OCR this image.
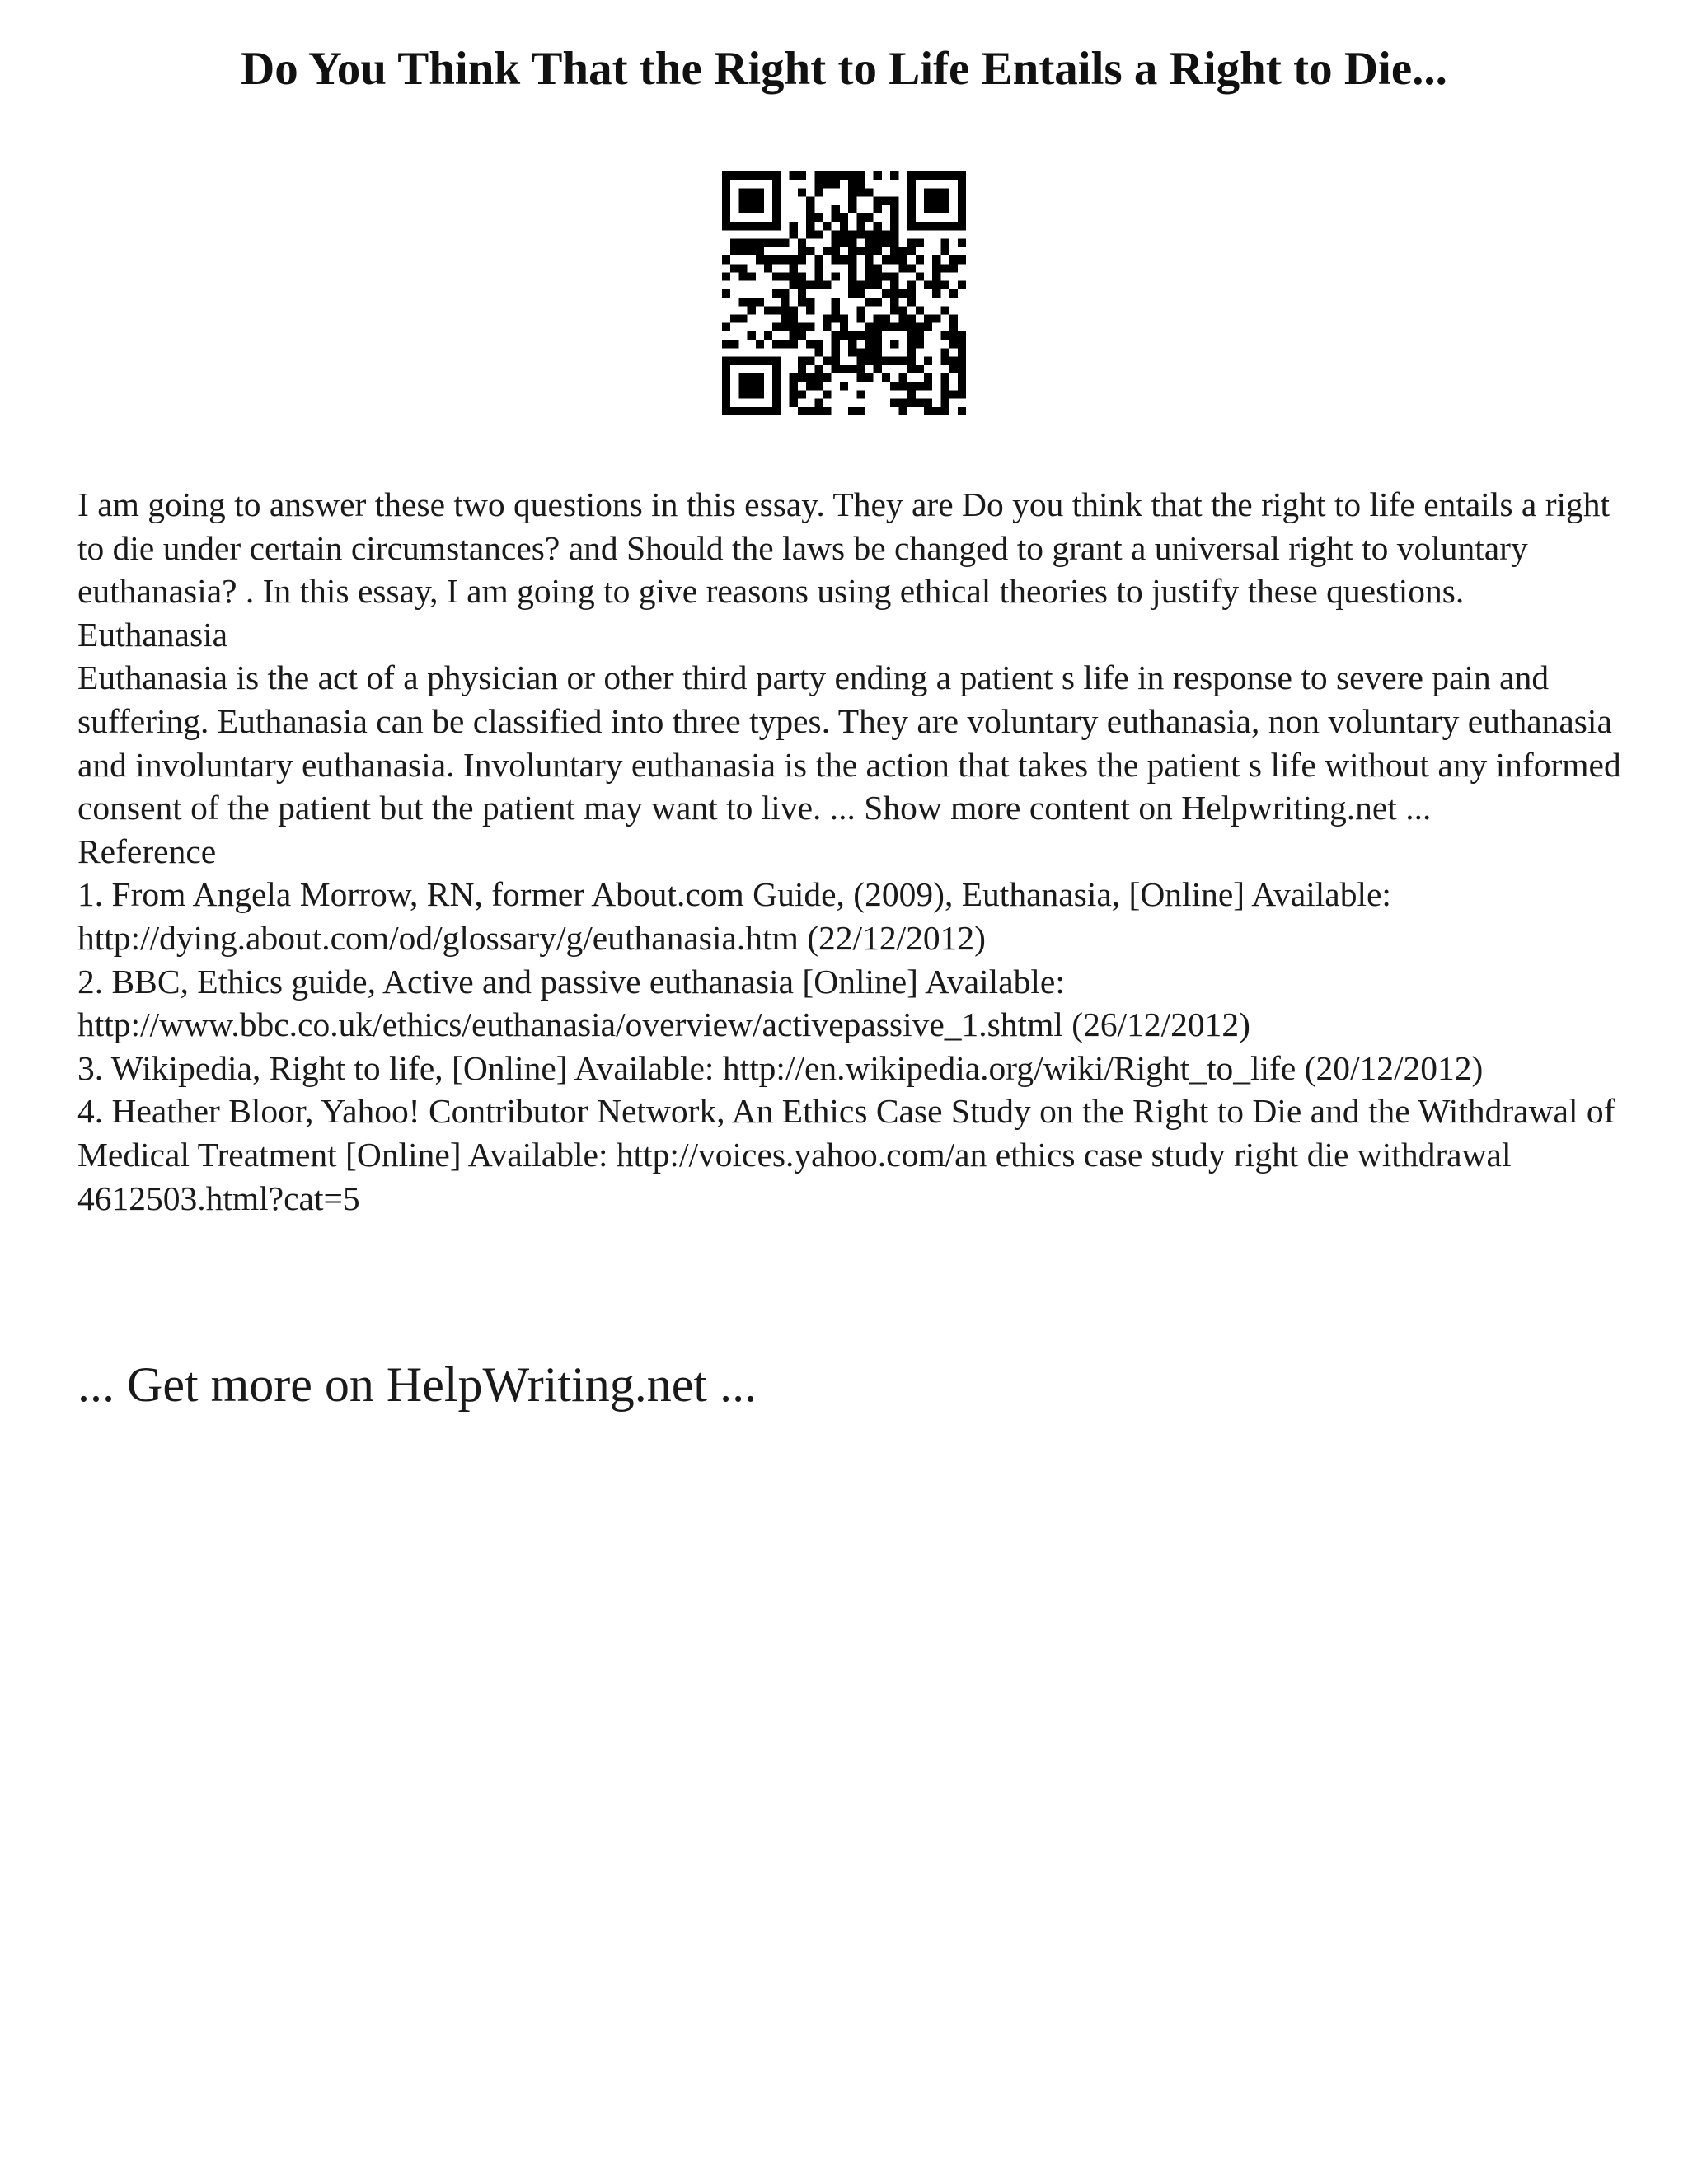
Do You Think That the Right to Life Entails a Right to Die...

I am going to answer these two questions in this essay. They are Do you think that the right to life entails a right to die under certain circumstances? and Should the laws be changed to grant a universal right to voluntary euthanasia? . In this essay, I am going to give reasons using ethical theories to justify these questions.

Euthanasia

Euthanasia is the act of a physician or other third party ending a patient s life in response to severe pain and suffering. Euthanasia can be classified into three types. They are voluntary euthanasia, non voluntary euthanasia and involuntary euthanasia. Involuntary euthanasia is the action that takes the patient s life without any informed consent of the patient but the patient may want to live. ... Show more content on Helpwriting.net ...

Reference

1. From Angela Morrow, RN, former About.com Guide, (2009), Euthanasia, [Online] Available: http://dying.about.com/od/glossary/g/euthanasia.htm (22/12/2012)

2. BBC, Ethics guide, Active and passive euthanasia [Online] Available: http://www.bbc.co.uk/ethics/euthanasia/overview/activepassive_1.shtml (26/12/2012)

3. Wikipedia, Right to life, [Online] Available: http://en.wikipedia.org/wiki/Right_to_life (20/12/2012)

4. Heather Bloor, Yahoo! Contributor Network, An Ethics Case Study on the Right to Die and the Withdrawal of Medical Treatment [Online] Available: http://voices.yahoo.com/an ethics case study right die withdrawal 4612503.html?cat=5

... Get more on HelpWriting.net ...
